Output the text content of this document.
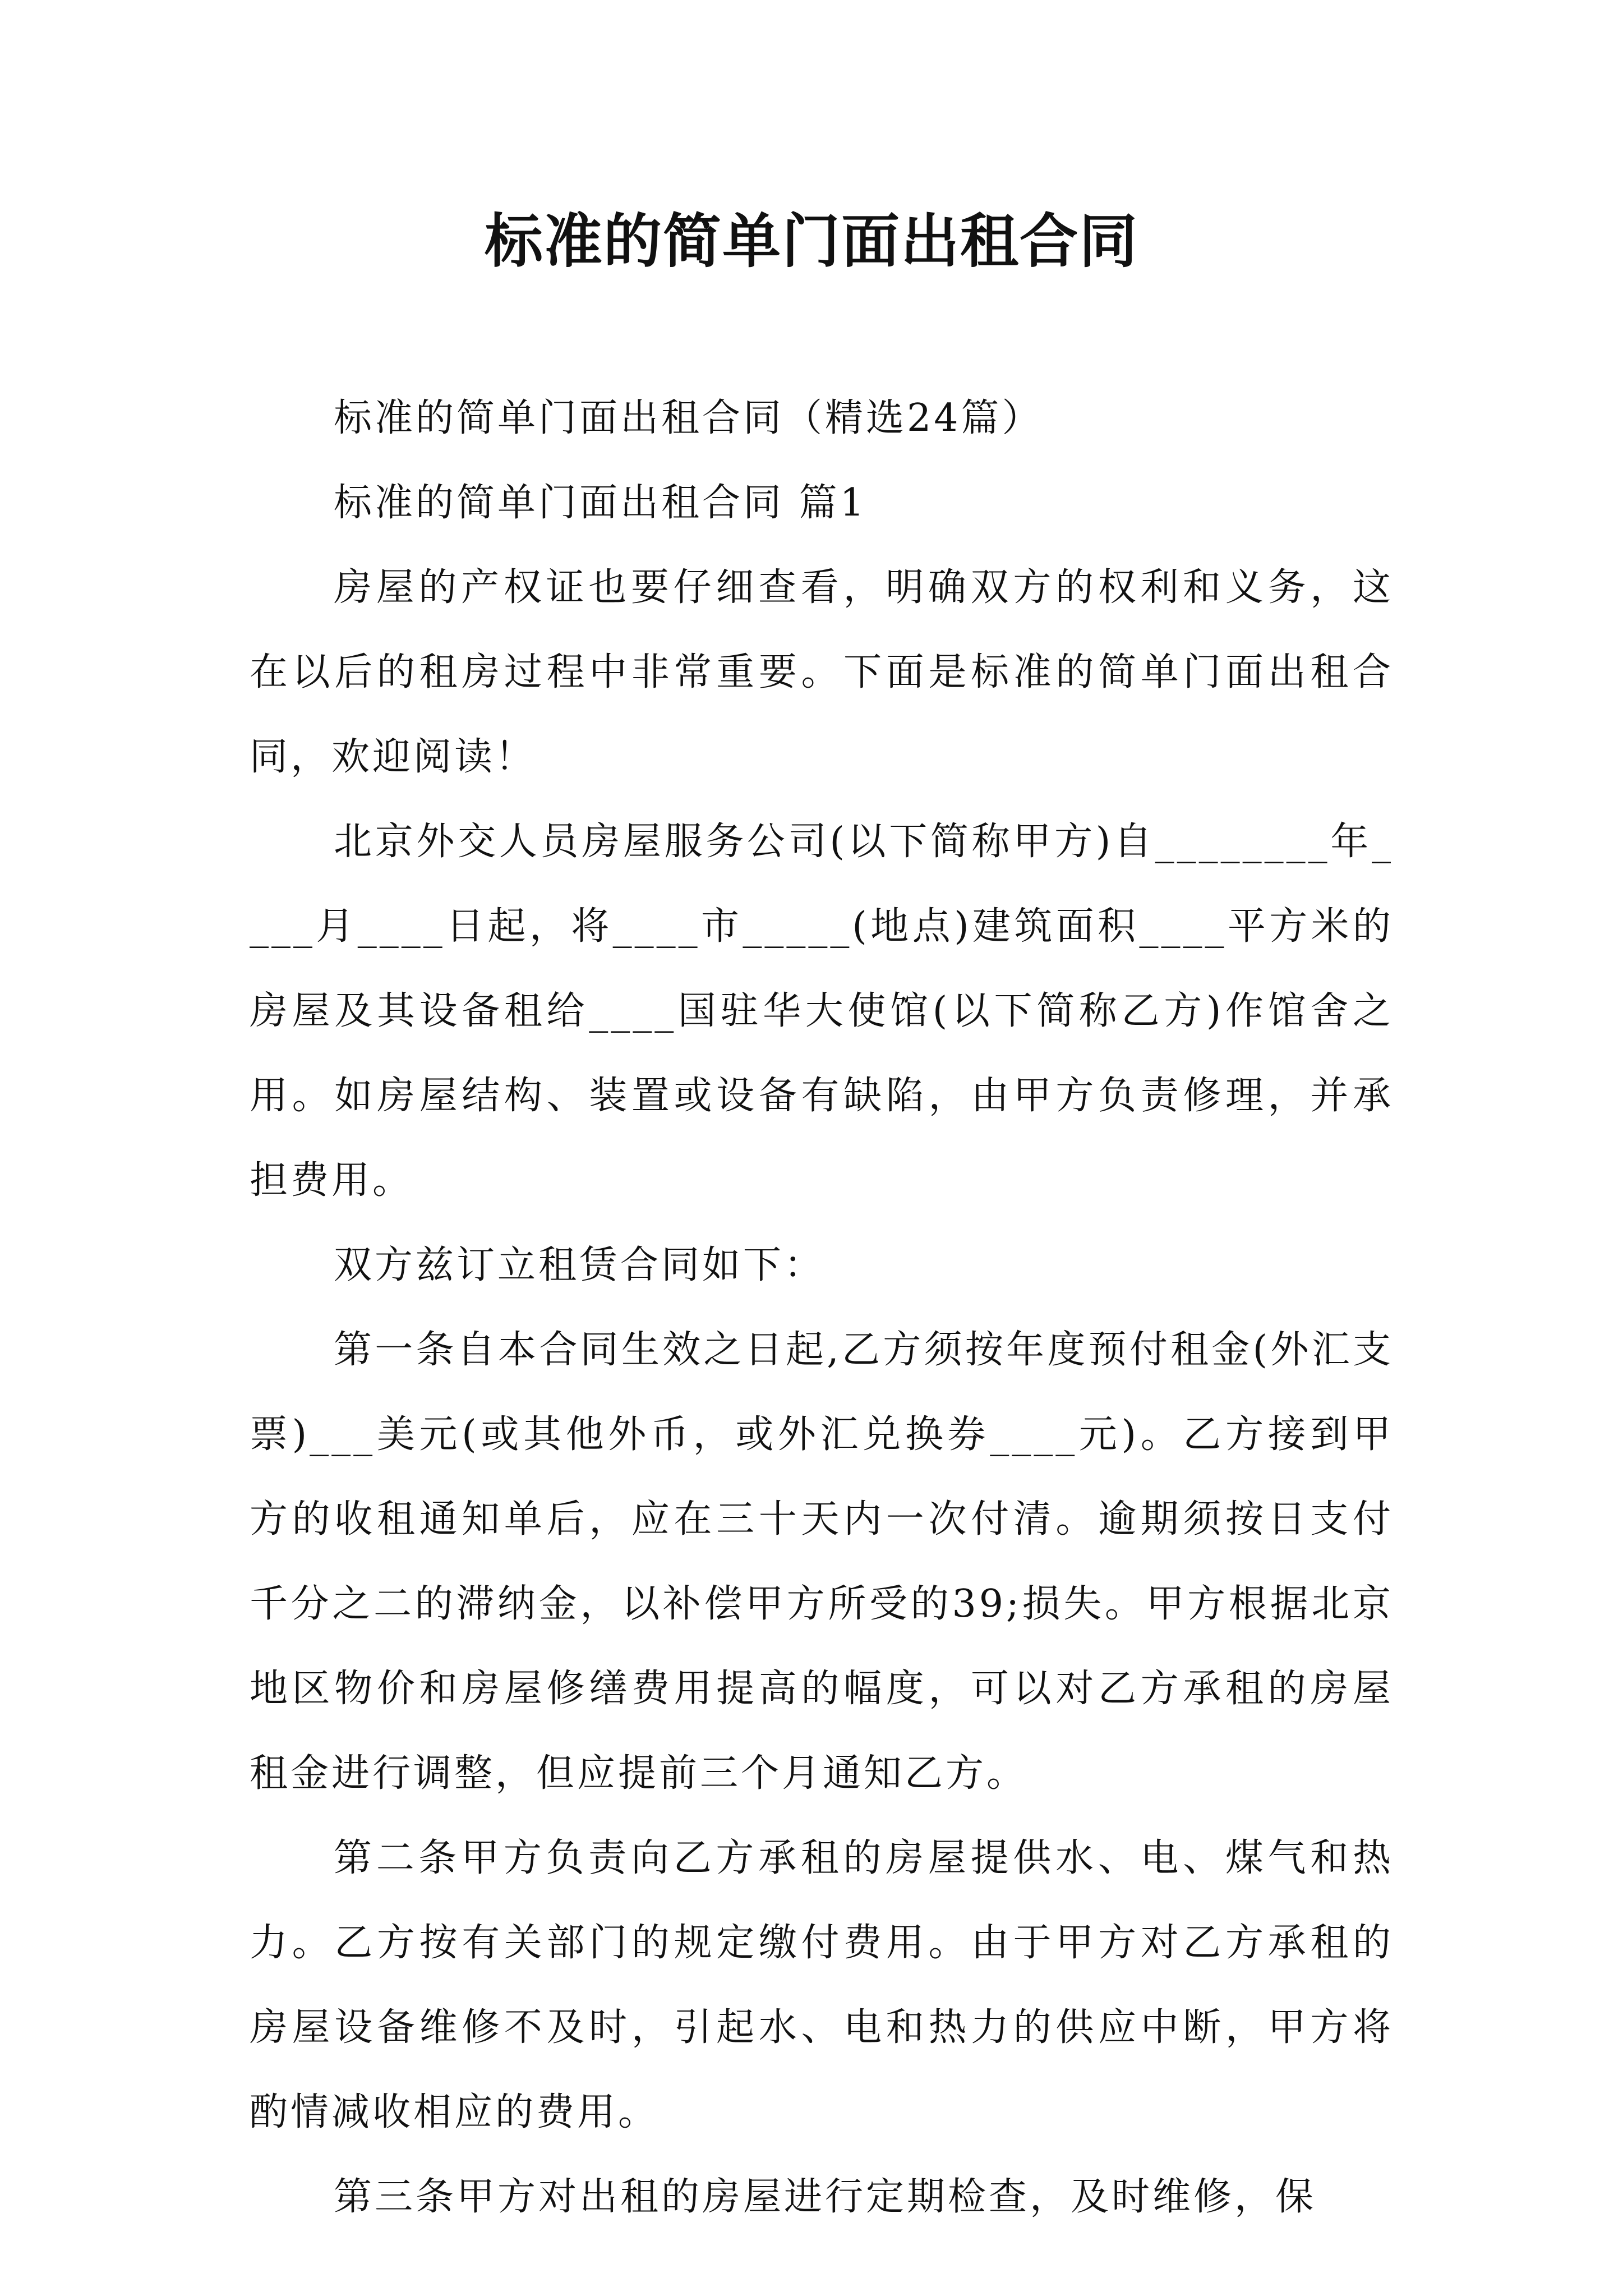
标准的简单门面出租合同

标准的简单门面出租合同（精选24篇）

标准的简单门面出租合同 篇1

房屋的产权证也要仔细查看，明确双方的权利和义务，这在以后的租房过程中非常重要。下面是标准的简单门面出租合同，欢迎阅读！

北京外交人员房屋服务公司(以下简称甲方)自________年____月____日起，将____市_____(地点)建筑面积____平方米的房屋及其设备租给____国驻华大使馆(以下简称乙方)作馆舍之用。如房屋结构、装置或设备有缺陷，由甲方负责修理，并承担费用。

双方兹订立租赁合同如下：

第一条自本合同生效之日起,乙方须按年度预付租金(外汇支票)___美元(或其他外币，或外汇兑换券____元)。乙方接到甲方的收租通知单后，应在三十天内一次付清。逾期须按日支付千分之二的滞纳金，以补偿甲方所受的39;损失。甲方根据北京地区物价和房屋修缮费用提高的幅度，可以对乙方承租的房屋租金进行调整，但应提前三个月通知乙方。

第二条甲方负责向乙方承租的房屋提供水、电、煤气和热力。乙方按有关部门的规定缴付费用。由于甲方对乙方承租的房屋设备维修不及时，引起水、电和热力的供应中断，甲方将酌情减收相应的费用。

第三条甲方对出租的房屋进行定期检查，及时维修，保
